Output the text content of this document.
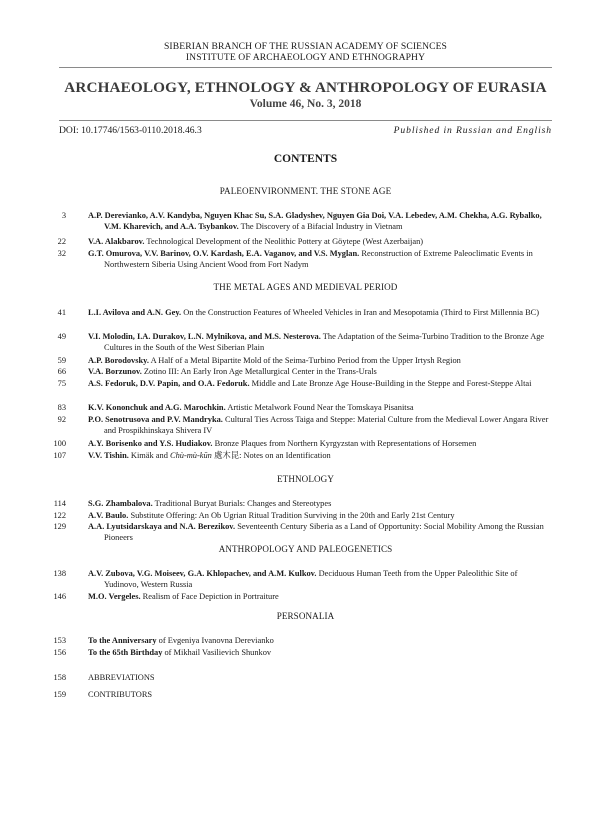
SIBERIAN BRANCH OF THE RUSSIAN ACADEMY OF SCIENCES
INSTITUTE OF ARCHAEOLOGY AND ETHNOGRAPHY
ARCHAEOLOGY, ETHNOLOGY & ANTHROPOLOGY OF EURASIA
Volume 46, No. 3, 2018
DOI: 10.17746/1563-0110.2018.46.3	Published in Russian and English
CONTENTS
PALEOENVIRONMENT. THE STONE AGE
3	A.P. Derevianko, A.V. Kandyba, Nguyen Khac Su, S.A. Gladyshev, Nguyen Gia Doi, V.A. Lebedev, A.M. Chekha, A.G. Rybalko, V.M. Kharevich, and A.A. Tsybankov. The Discovery of a Bifacial Industry in Vietnam
22	V.A. Alakbarov. Technological Development of the Neolithic Pottery at Göytepe (West Azerbaijan)
32	G.T. Omurova, V.V. Barinov, O.V. Kardash, E.A. Vaganov, and V.S. Myglan. Reconstruction of Extreme Paleoclimatic Events in Northwestern Siberia Using Ancient Wood from Fort Nadym
THE METAL AGES AND MEDIEVAL PERIOD
41	L.I. Avilova and A.N. Gey. On the Construction Features of Wheeled Vehicles in Iran and Mesopotamia (Third to First Millennia BC)
49	V.I. Molodin, I.A. Durakov, L.N. Mylnikova, and M.S. Nesterova. The Adaptation of the Seima-Turbino Tradition to the Bronze Age Cultures in the South of the West Siberian Plain
59	A.P. Borodovsky. A Half of a Metal Bipartite Mold of the Seima-Turbino Period from the Upper Irtysh Region
66	V.A. Borzunov. Zotino III: An Early Iron Age Metallurgical Center in the Trans-Urals
75	A.S. Fedoruk, D.V. Papin, and O.A. Fedoruk. Middle and Late Bronze Age House-Building in the Steppe and Forest-Steppe Altai
83	K.V. Kononchuk and A.G. Marochkin. Artistic Metalwork Found Near the Tomskaya Pisanitsa
92	P.O. Senotrusova and P.V. Mandryka. Cultural Ties Across Taiga and Steppe: Material Culture from the Medieval Lower Angara River and Prospikhinskaya Shivera IV
100	A.Y. Borisenko and Y.S. Hudiakov. Bronze Plaques from Northern Kyrgyzstan with Representations of Horsemen
107	V.V. Tishin. Kimäk and Chù-mù-kūn 處木昆: Notes on an Identification
ETHNOLOGY
114	S.G. Zhambalova. Traditional Buryat Burials: Changes and Stereotypes
122	A.V. Baulo. Substitute Offering: An Ob Ugrian Ritual Tradition Surviving in the 20th and Early 21st Century
129	A.A. Lyutsidarskaya and N.A. Berezikov. Seventeenth Century Siberia as a Land of Opportunity: Social Mobility Among the Russian Pioneers
ANTHROPOLOGY AND PALEOGENETICS
138	A.V. Zubova, V.G. Moiseev, G.A. Khlopachev, and A.M. Kulkov. Deciduous Human Teeth from the Upper Paleolithic Site of Yudinovo, Western Russia
146	M.O. Vergeles. Realism of Face Depiction in Portraiture
PERSONALIA
153	To the Anniversary of Evgeniya Ivanovna Derevianko
156	To the 65th Birthday of Mikhail Vasilievich Shunkov
158	ABBREVIATIONS
159	CONTRIBUTORS
